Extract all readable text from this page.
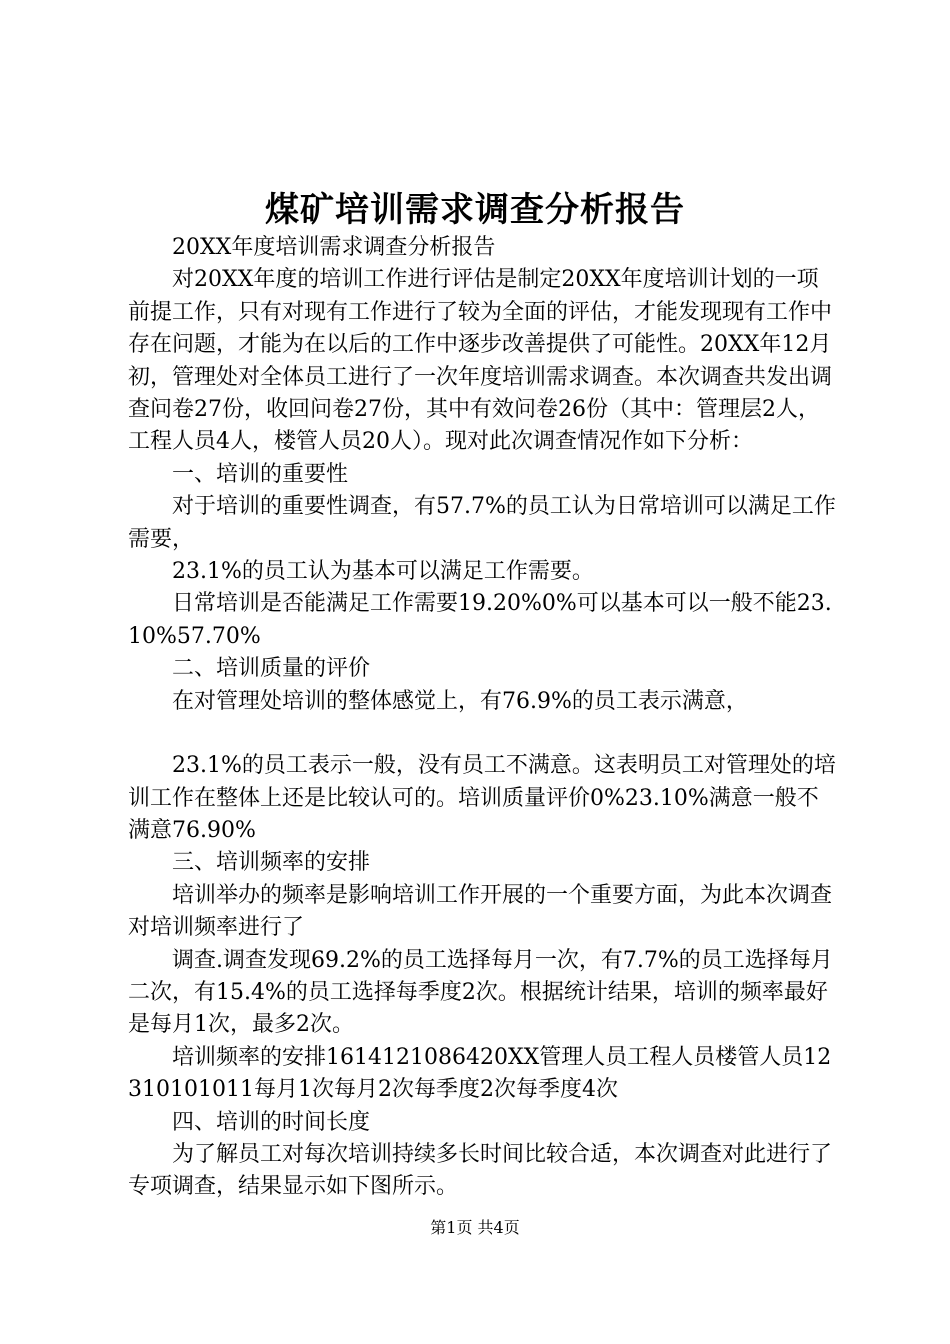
煤矿培训需求调查分析报告

20XX年度培训需求调查分析报告

对20XX年度的培训工作进行评估是制定20XX年度培训计划的一项前提工作，只有对现有工作进行了较为全面的评估，才能发现现有工作中存在问题，才能为在以后的工作中逐步改善提供了可能性。20XX年12月初，管理处对全体员工进行了一次年度培训需求调查。本次调查共发出调查问卷27份，收回问卷27份，其中有效问卷26份（其中：管理层2人，工程人员4人，楼管人员20人）。现对此次调查情况作如下分析：

一、培训的重要性

对于培训的重要性调查，有57.7%的员工认为日常培训可以满足工作需要，

23.1%的员工认为基本可以满足工作需要。

日常培训是否能满足工作需要19.20%0%可以基本可以一般不能23.10%57.70%

二、培训质量的评价

在对管理处培训的整体感觉上，有76.9%的员工表示满意，

23.1%的员工表示一般，没有员工不满意。这表明员工对管理处的培训工作在整体上还是比较认可的。培训质量评价0%23.10%满意一般不满意76.90%

三、培训频率的安排

培训举办的频率是影响培训工作开展的一个重要方面，为此本次调查对培训频率进行了

调查.调查发现69.2%的员工选择每月一次，有7.7%的员工选择每月二次，有15.4%的员工选择每季度2次。根据统计结果，培训的频率最好是每月1次，最多2次。

培训频率的安排1614121086420XX管理人员工程人员楼管人员12310101011每月1次每月2次每季度2次每季度4次

四、培训的时间长度

为了解员工对每次培训持续多长时间比较合适，本次调查对此进行了专项调查，结果显示如下图所示。

第1页 共4页
